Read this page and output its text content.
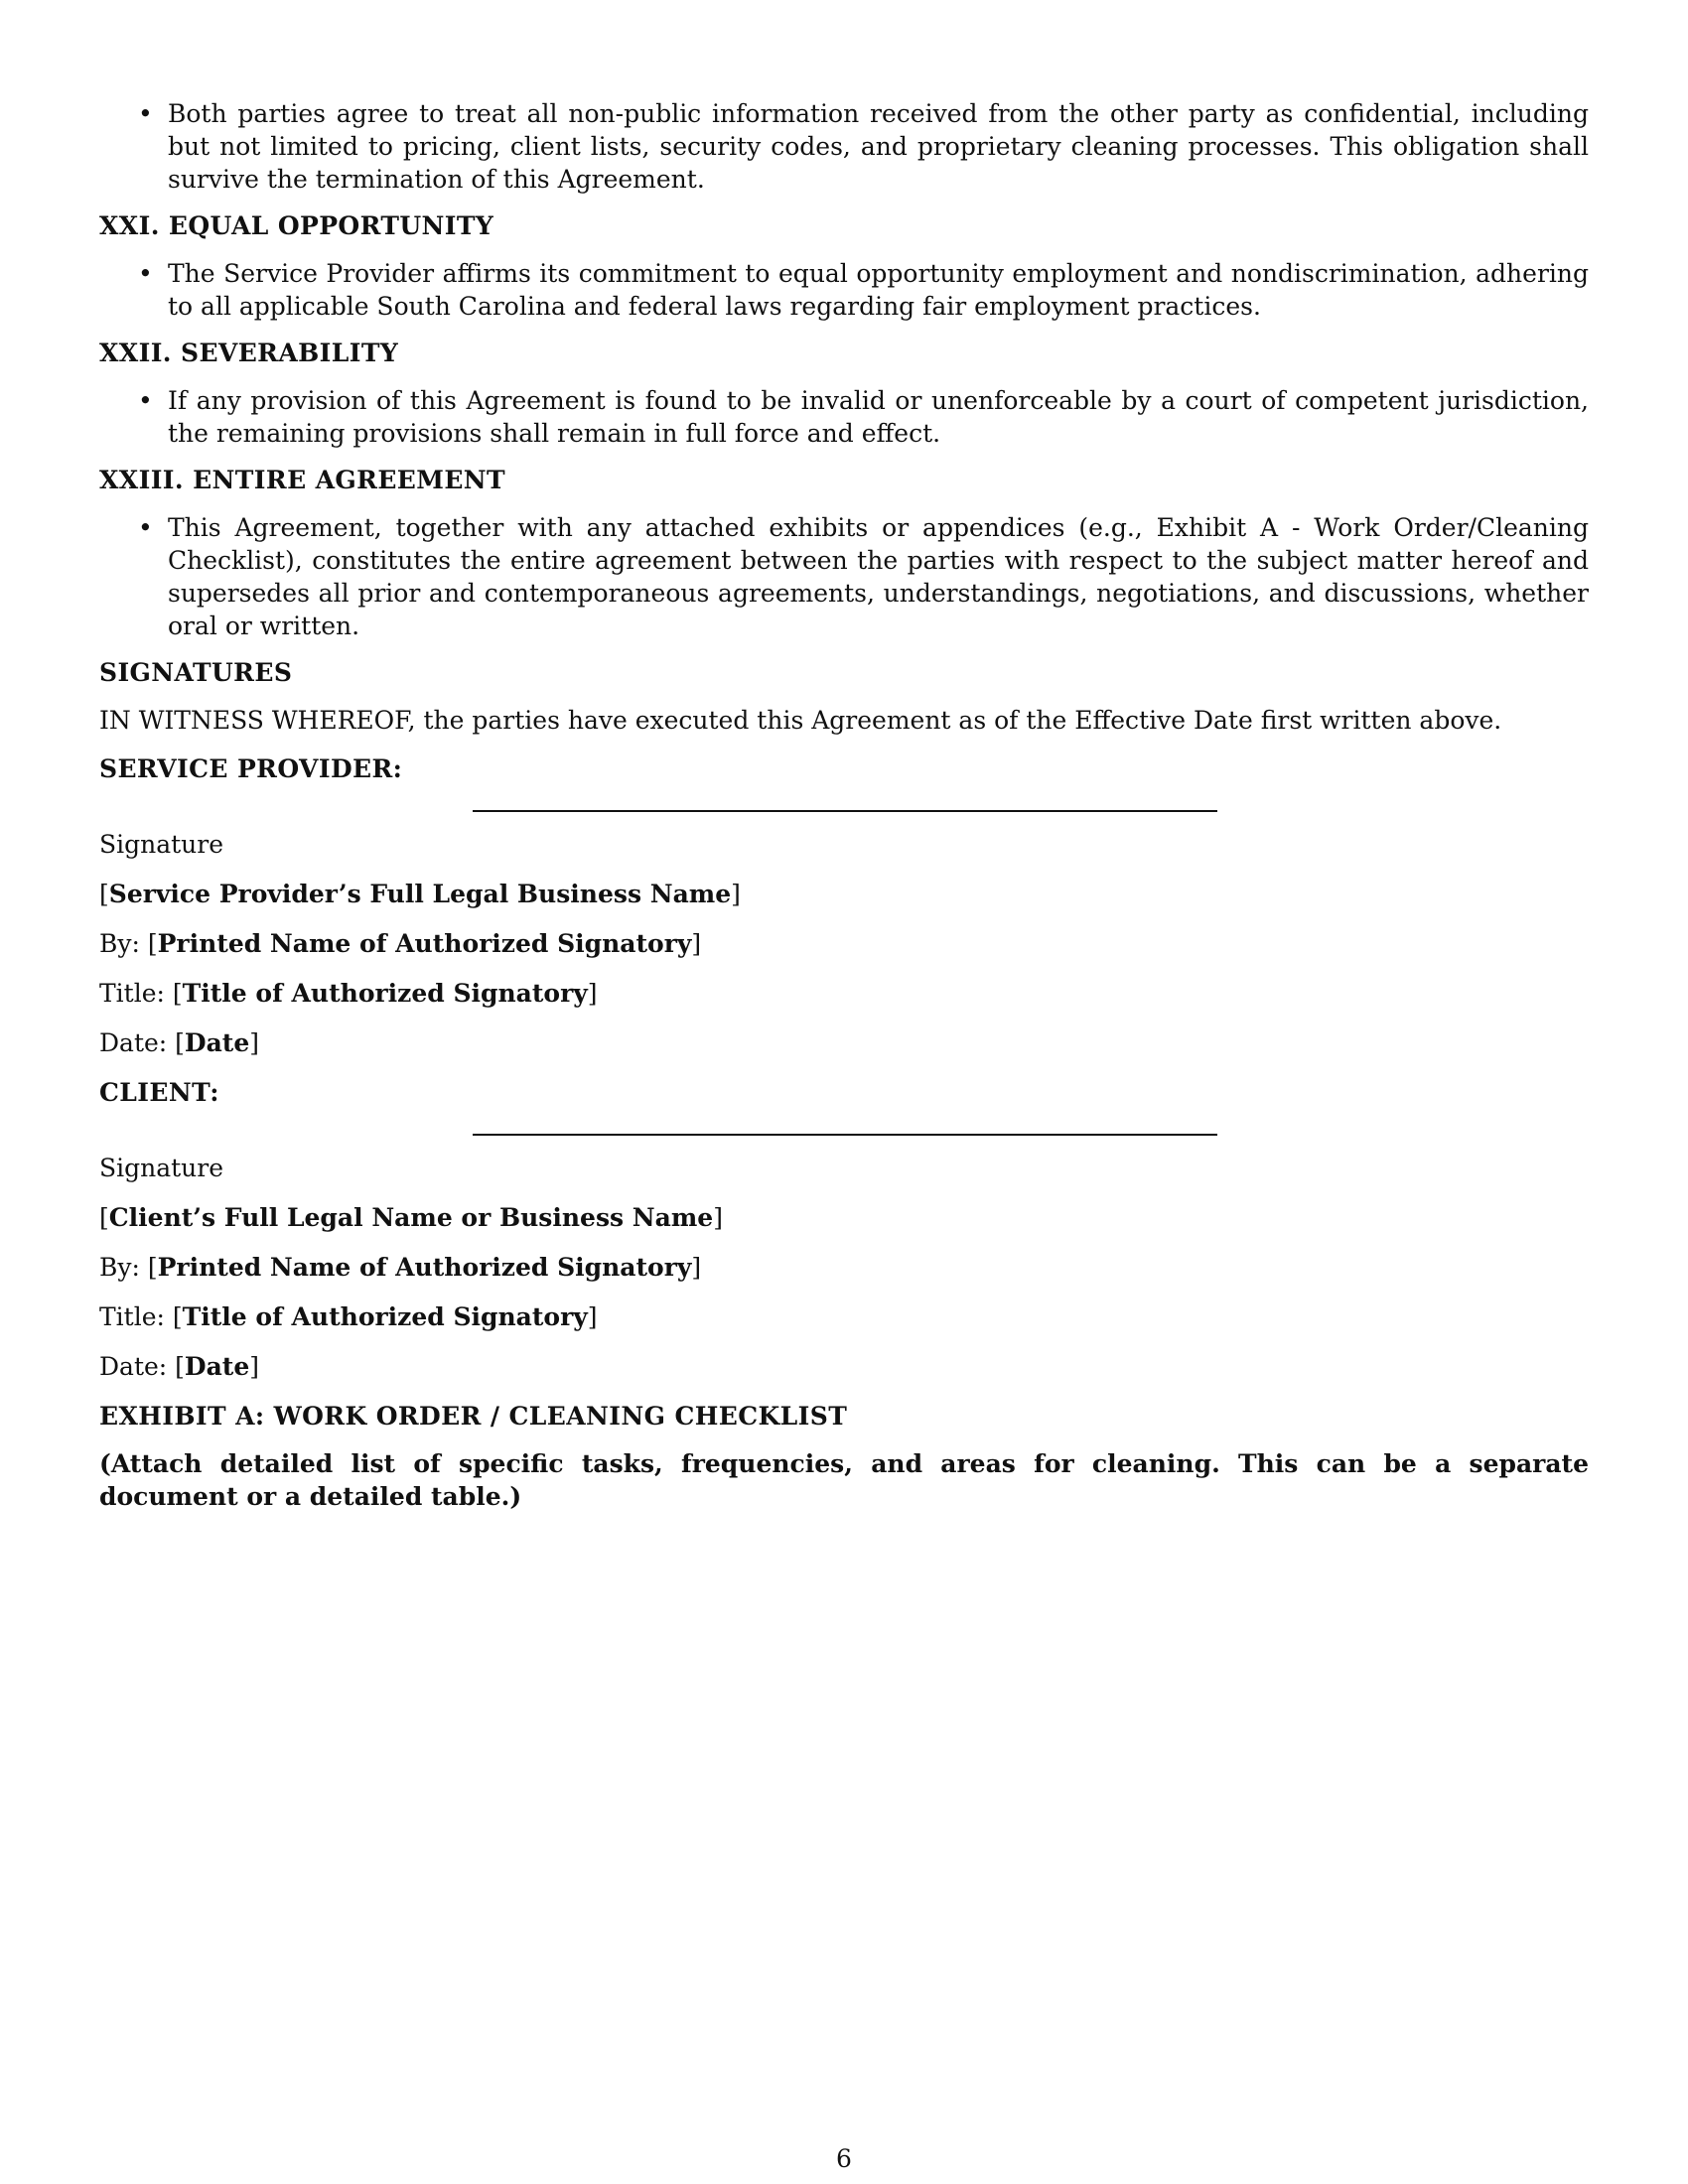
• Both parties agree to treat all non-public information received from the other party as confidential, including but not limited to pricing, client lists, security codes, and proprietary cleaning processes. This obligation shall survive the termination of this Agreement.
XXI. EQUAL OPPORTUNITY
• The Service Provider affirms its commitment to equal opportunity employment and nondiscrimination, adhering to all applicable South Carolina and federal laws regarding fair employment practices.
XXII. SEVERABILITY
• If any provision of this Agreement is found to be invalid or unenforceable by a court of competent jurisdiction, the remaining provisions shall remain in full force and effect.
XXIII. ENTIRE AGREEMENT
• This Agreement, together with any attached exhibits or appendices (e.g., Exhibit A - Work Order/Cleaning Checklist), constitutes the entire agreement between the parties with respect to the subject matter hereof and supersedes all prior and contemporaneous agreements, understandings, negotiations, and discussions, whether oral or written.
SIGNATURES
IN WITNESS WHEREOF, the parties have executed this Agreement as of the Effective Date first written above.
SERVICE PROVIDER:
Signature
[Service Provider’s Full Legal Business Name]
By: [Printed Name of Authorized Signatory]
Title: [Title of Authorized Signatory]
Date: [Date]
CLIENT:
Signature
[Client’s Full Legal Name or Business Name]
By: [Printed Name of Authorized Signatory]
Title: [Title of Authorized Signatory]
Date: [Date]
EXHIBIT A: WORK ORDER / CLEANING CHECKLIST
(Attach detailed list of specific tasks, frequencies, and areas for cleaning. This can be a separate document or a detailed table.)
6
